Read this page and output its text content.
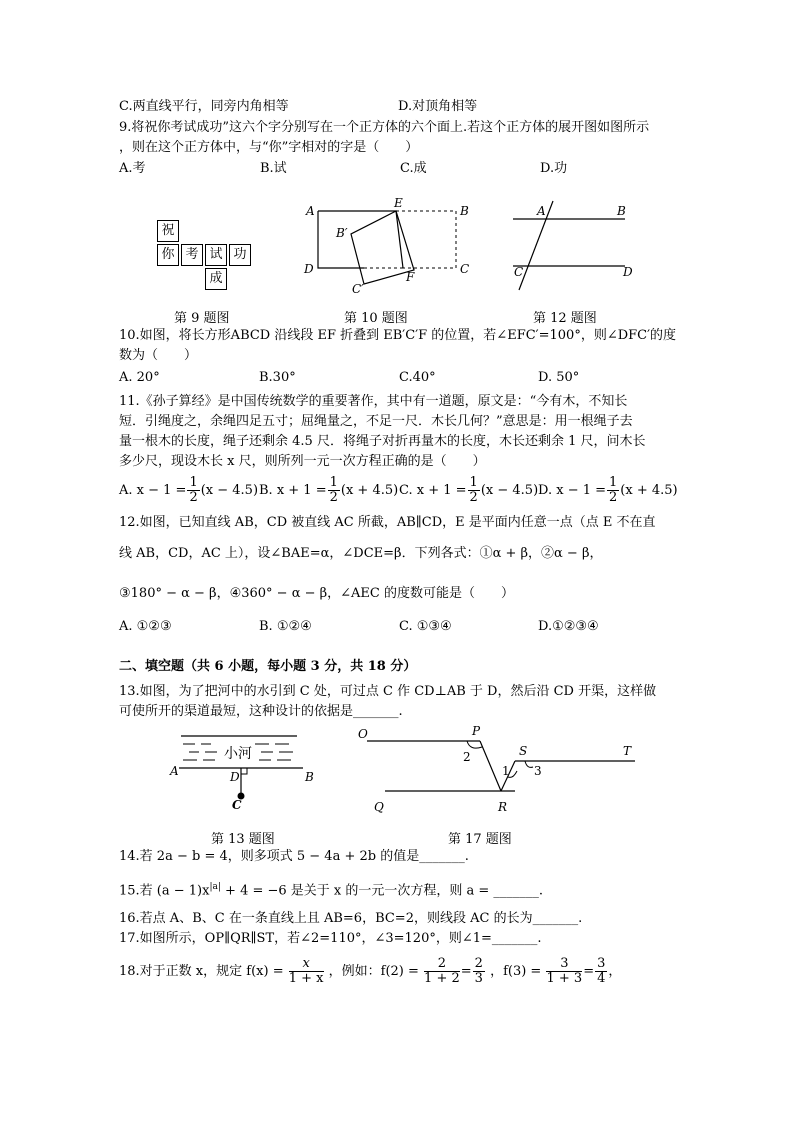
C.两直线平行，同旁内角相等	D.对顶角相等
9.将祝你考试成功”这六个字分别写在一个正方体的六个面上.若这个正方体的展开图如图所示
，则在这个正方体中，与“你”字相对的字是（　　）
A.考	B.试	C.成	D.功
祝
你 考 试 功
成
第 9 题图
A
E
B
B′
D	C
C′
F
第 10 题图
A	B
C	D
第 12 题图
10.如图，将长方形ABCD 沿线段 EF 折叠到 EB′C′F 的位置，若∠EFC′=100°，则∠DFC′的度
数为（　　）
A. 20°	B.30°	C.40°	D. 50°
11.《孙子算经》是中国传统数学的重要著作，其中有一道题，原文是：“今有木，不知长
短．引绳度之，余绳四足五寸；屈绳量之，不足一尺．木长几何？”意思是：用一根绳子去
量一根木的长度，绳子还剩余 4.5 尺．将绳子对折再量木的长度，木长还剩余 1 尺，问木长
多少尺，现设木长 x 尺，则所列一元一次方程正确的是（　　）
A. $x - 1 = \frac{1}{2} (x - 4.5)$ B. $x + 1 = \frac{1}{2} (x + 4.5)$ C. $x + 1 = \frac{1}{2} (x - 4.5)$ D. $x - 1 = \frac{1}{2} (x + 4.5)$
12.如图，已知直线 AB，CD 被直线 AC 所截，AB∥CD，E 是平面内任意一点（点 E 不在直
线 AB，CD，AC 上），设∠BAE=α，∠DCE=β．下列各式：①α + β，②α − β，
③180° − α − β，④360° − α − β，∠AEC 的度数可能是（　　）
A. ①②③	B. ①②④	C. ①③④	D.①②③④
二、填空题（共 6 小题，每小题 3 分，共 18 分）
13.如图，为了把河中的水引到 C 处，可过点 C 作 CD⊥AB 于 D，然后沿 CD 开渠，这样做
可使所开的渠道最短，这种设计的依据是_______.
小河
A	D	B
C
第 13 题图
O	P
2	S	T
1 3
Q	R
第 17 题图
14.若 2a − b = 4，则多项式 5 − 4a + 2b 的值是_______.
15.若 $(a - 1)x^{|a|} + 4 = -6$ 是关于 x 的一元一次方程，则 a = _______.
16.若点 A、B、C 在一条直线上且 AB=6，BC=2，则线段 AC 的长为_______.
17.如图所示，OP∥QR∥ST，若∠2=110°，∠3=120°，则∠1=_______.
18.对于正数 x，规定 $f(x) = \frac{x}{1 + x}$ ，例如：$f(2) = \frac{2}{1 + 2} = \frac{2}{3}$ ，$f(3) = \frac{3}{1 + 3} = \frac{3}{4}$ ，
